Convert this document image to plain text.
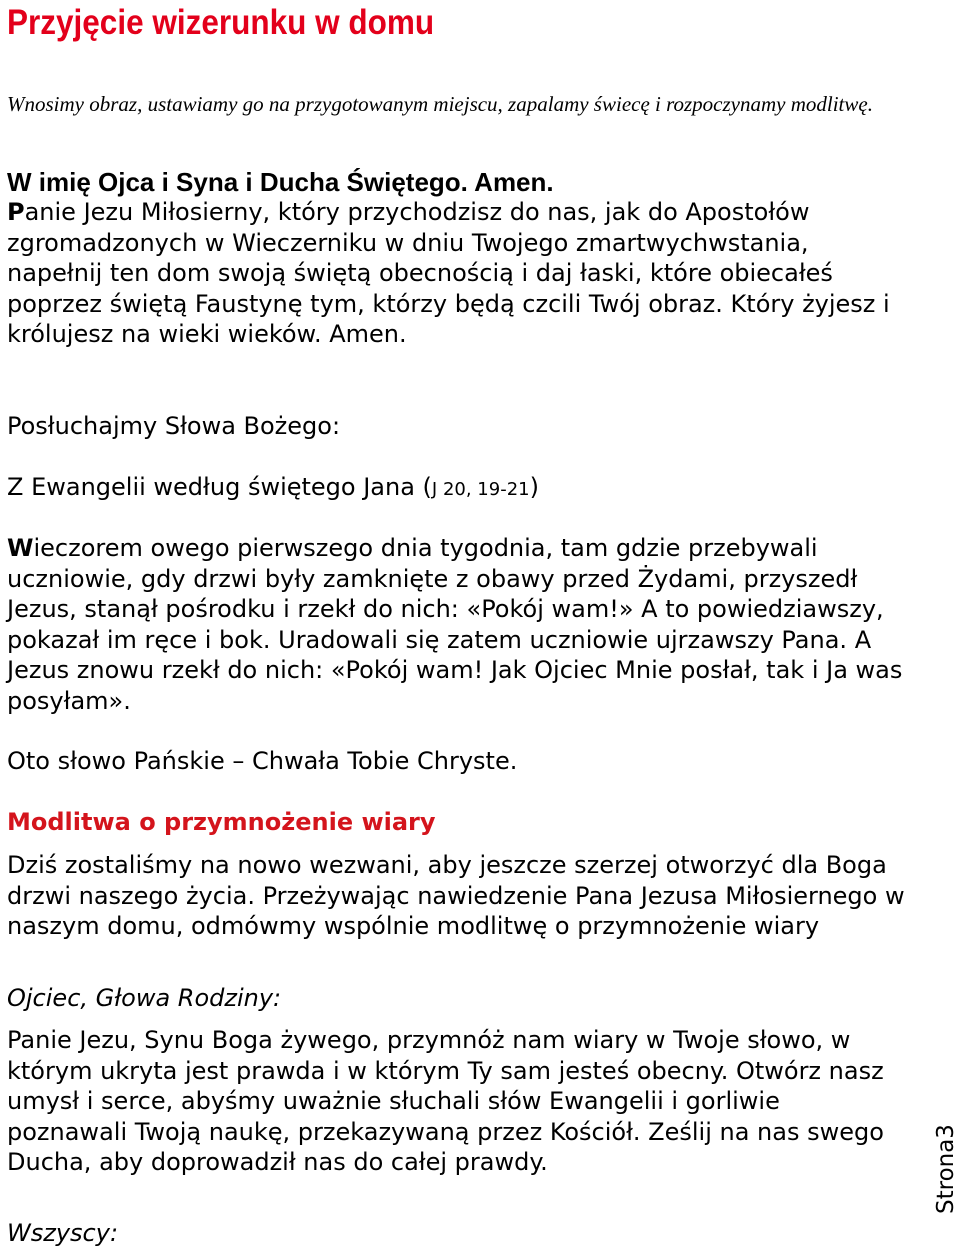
Przyjęcie wizerunku w domu

Wnosimy obraz, ustawiamy go na przygotowanym miejscu, zapalamy świecę i rozpoczynamy modlitwę.

W imię Ojca i Syna i Ducha Świętego. Amen.

Panie Jezu Miłosierny, który przychodzisz do nas, jak do Apostołów zgromadzonych w Wieczerniku w dniu Twojego zmartwychwstania, napełnij ten dom swoją świętą obecnością i daj łaski, które obiecałeś poprzez świętą Faustynę tym, którzy będą czcili Twój obraz. Który żyjesz i królujesz na wieki wieków. Amen.

Posłuchajmy Słowa Bożego:

Z Ewangelii według świętego Jana (J 20, 19-21)

Wieczorem owego pierwszego dnia tygodnia, tam gdzie przebywali uczniowie, gdy drzwi były zamknięte z obawy przed Żydami, przyszedł Jezus, stanął pośrodku i rzekł do nich: «Pokój wam!» A to powiedziawszy, pokazał im ręce i bok. Uradowali się zatem uczniowie ujrzawszy Pana. A Jezus znowu rzekł do nich: «Pokój wam! Jak Ojciec Mnie posłał, tak i Ja was posyłam».

Oto słowo Pańskie – Chwała Tobie Chryste.

Modlitwa o przymnożenie wiary

Dziś zostaliśmy na nowo wezwani, aby jeszcze szerzej otworzyć dla Boga drzwi naszego życia. Przeżywając nawiedzenie Pana Jezusa Miłosiernego w naszym domu, odmówmy wspólnie modlitwę o przymnożenie wiary

Ojciec, Głowa Rodziny:

Panie Jezu, Synu Boga żywego, przymnóż nam wiary w Twoje słowo, w którym ukryta jest prawda i w którym Ty sam jesteś obecny. Otwórz nasz umysł i serce, abyśmy uważnie słuchali słów Ewangelii i gorliwie poznawali Twoją naukę, przekazywaną przez Kościół. Ześlij na nas swego Ducha, aby doprowadził nas do całej prawdy.

Wszyscy:

Strona3
